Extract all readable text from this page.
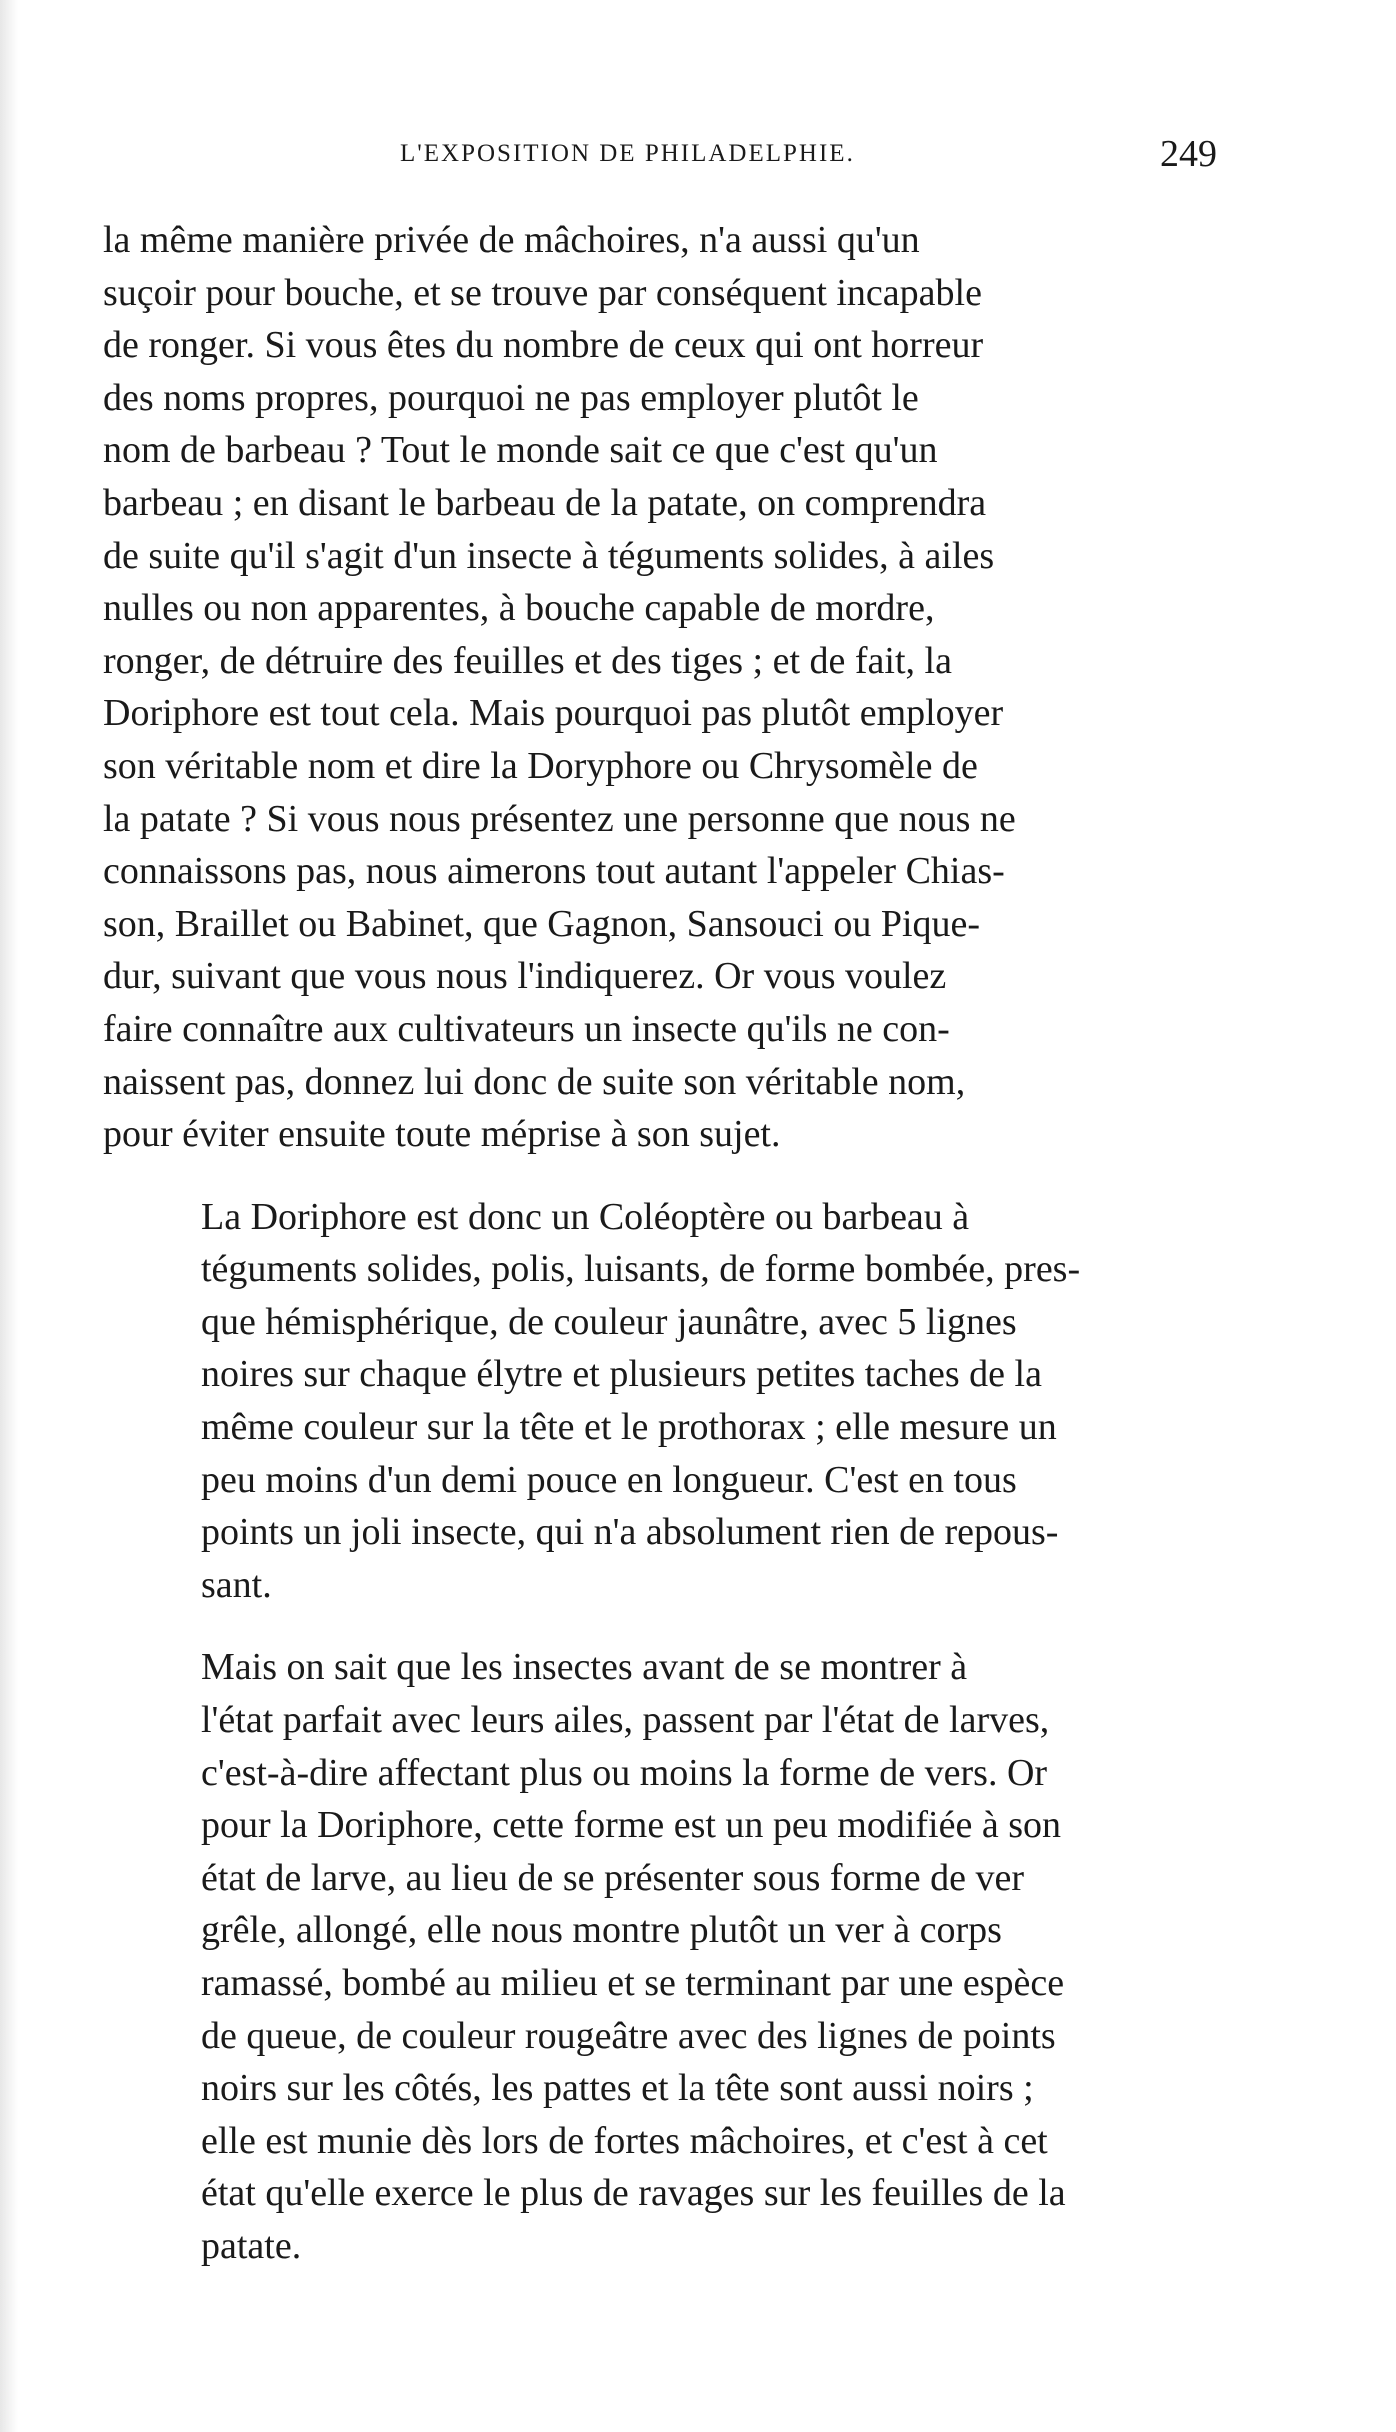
L'EXPOSITION DE PHILADELPHIE.	249

la même manière privée de mâchoires, n'a aussi qu'un
suçoir pour bouche, et se trouve par conséquent incapable
de ronger. Si vous êtes du nombre de ceux qui ont horreur
des noms propres, pourquoi ne pas employer plutôt le
nom de barbeau ? Tout le monde sait ce que c'est qu'un
barbeau ; en disant le barbeau de la patate, on comprendra
de suite qu'il s'agit d'un insecte à téguments solides, à ailes
nulles ou non apparentes, à bouche capable de mordre,
ronger, de détruire des feuilles et des tiges ; et de fait, la
Doriphore est tout cela. Mais pourquoi pas plutôt employer
son véritable nom et dire la Doryphore ou Chrysomèle de
la patate ? Si vous nous présentez une personne que nous ne
connaissons pas, nous aimerons tout autant l'appeler Chias-
son, Braillet ou Babinet, que Gagnon, Sansouci ou Pique-
dur, suivant que vous nous l'indiquerez. Or vous voulez
faire connaître aux cultivateurs un insecte qu'ils ne con-
naissent pas, donnez lui donc de suite son véritable nom,
pour éviter ensuite toute méprise à son sujet.

La Doriphore est donc un Coléoptère ou barbeau à
téguments solides, polis, luisants, de forme bombée, pres-
que hémisphérique, de couleur jaunâtre, avec 5 lignes
noires sur chaque élytre et plusieurs petites taches de la
même couleur sur la tête et le prothorax ; elle mesure un
peu moins d'un demi pouce en longueur. C'est en tous
points un joli insecte, qui n'a absolument rien de repous-
sant.

Mais on sait que les insectes avant de se montrer à
l'état parfait avec leurs ailes, passent par l'état de larves,
c'est-à-dire affectant plus ou moins la forme de vers. Or
pour la Doriphore, cette forme est un peu modifiée à son
état de larve, au lieu de se présenter sous forme de ver
grêle, allongé, elle nous montre plutôt un ver à corps
ramassé, bombé au milieu et se terminant par une espèce
de queue, de couleur rougeâtre avec des lignes de points
noirs sur les côtés, les pattes et la tête sont aussi noirs ;
elle est munie dès lors de fortes mâchoires, et c'est à cet
état qu'elle exerce le plus de ravages sur les feuilles de la
patate.
